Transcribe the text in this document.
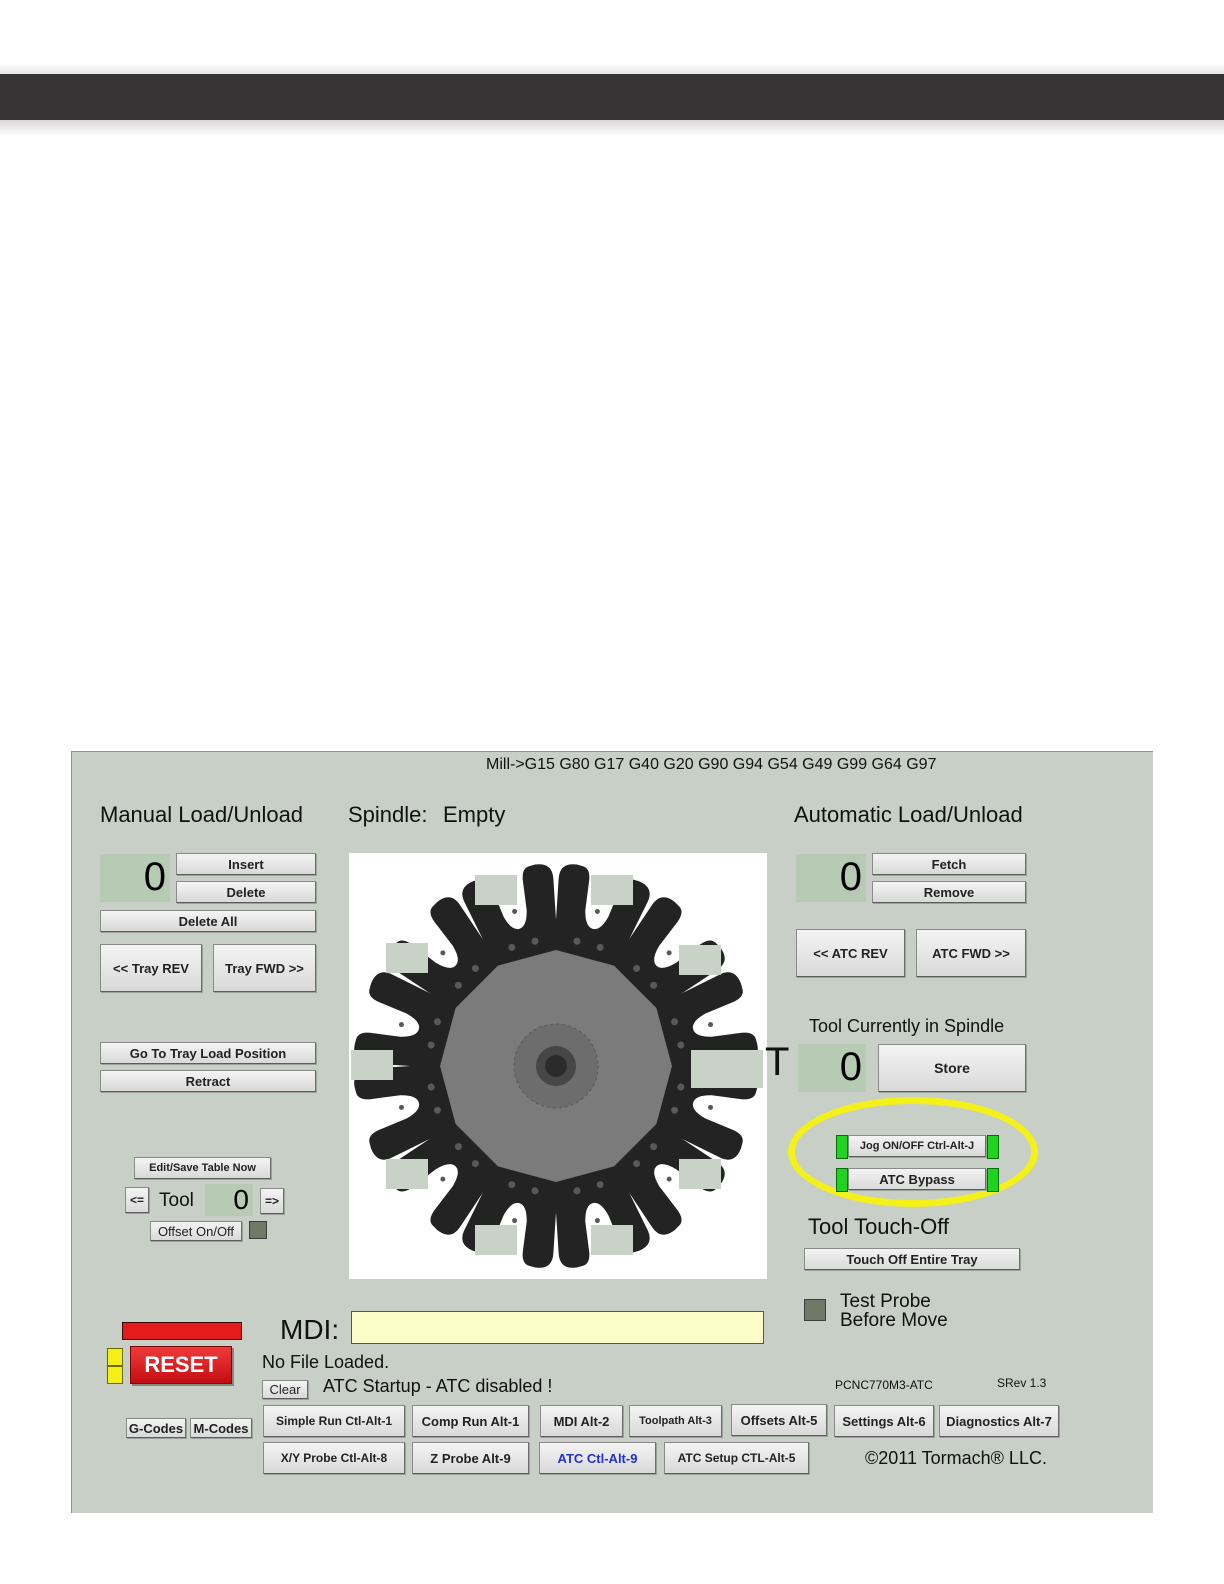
Mill->G15 G80 G17 G40 G20 G90 G94 G54 G49 G99 G64 G97
Manual Load/Unload
0	Insert
Delete
Delete All
<< Tray REV	Tray FWD >>
Go To Tray Load Position
Retract
Spindle: Empty	Automatic Load/Unload
0	Fetch
Remove
<< ATC REV	ATC FWD >>
Tool Currently in Spindle
T	0	Store
Jog ON/OFF Ctrl-Alt-J
ATC Bypass
Tool Touch-Off
Touch Off Entire Tray
Test Probe
Before Move
Edit/Save Table Now
<= Tool	0	=>
Offset On/Off
RESET
MDI:
No File Loaded.
Clear	ATC Startup - ATC disabled !	PCNC770M3-ATC	SRev 1.3
G-Codes M-Codes	Simple Run Ctl-Alt-1	Comp Run Alt-1	MDI Alt-2	Toolpath Alt-3	Offsets Alt-5	Settings Alt-6	Diagnostics Alt-7
X/Y Probe Ctl-Alt-8	Z Probe Alt-9	ATC Ctl-Alt-9	ATC Setup CTL-Alt-5	©2011 Tormach® LLC.
